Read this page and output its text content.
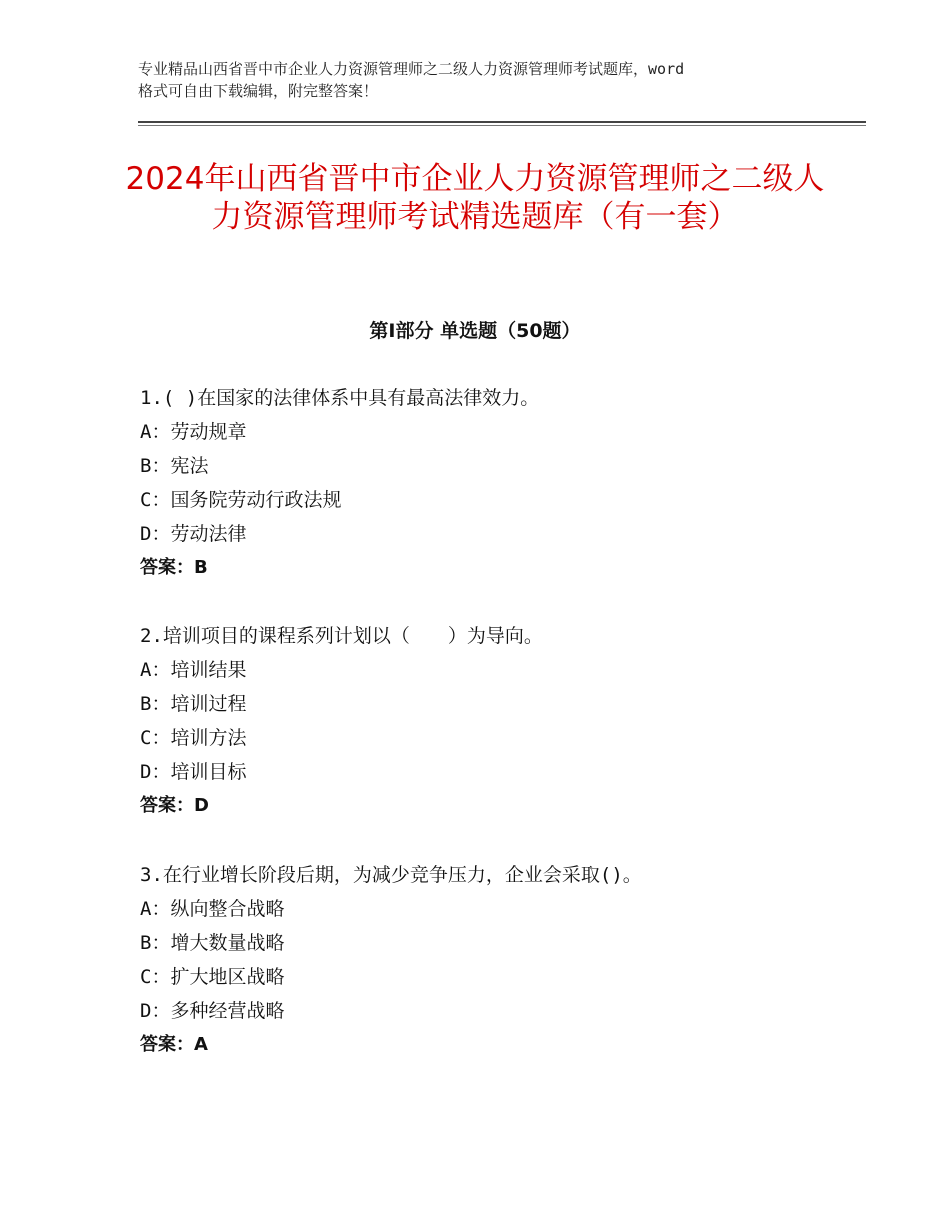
专业精品山西省晋中市企业人力资源管理师之二级人力资源管理师考试题库，word
格式可自由下载编辑，附完整答案！
2024年山西省晋中市企业人力资源管理师之二级人力资源管理师考试精选题库（有一套）
第Ⅰ部分 单选题（50题）
1.( )在国家的法律体系中具有最高法律效力。
A：劳动规章
B：宪法
C：国务院劳动行政法规
D：劳动法律
答案：B
2.培训项目的课程系列计划以（　　）为导向。
A：培训结果
B：培训过程
C：培训方法
D：培训目标
答案：D
3.在行业增长阶段后期，为减少竞争压力，企业会采取()。
A：纵向整合战略
B：增大数量战略
C：扩大地区战略
D：多种经营战略
答案：A
